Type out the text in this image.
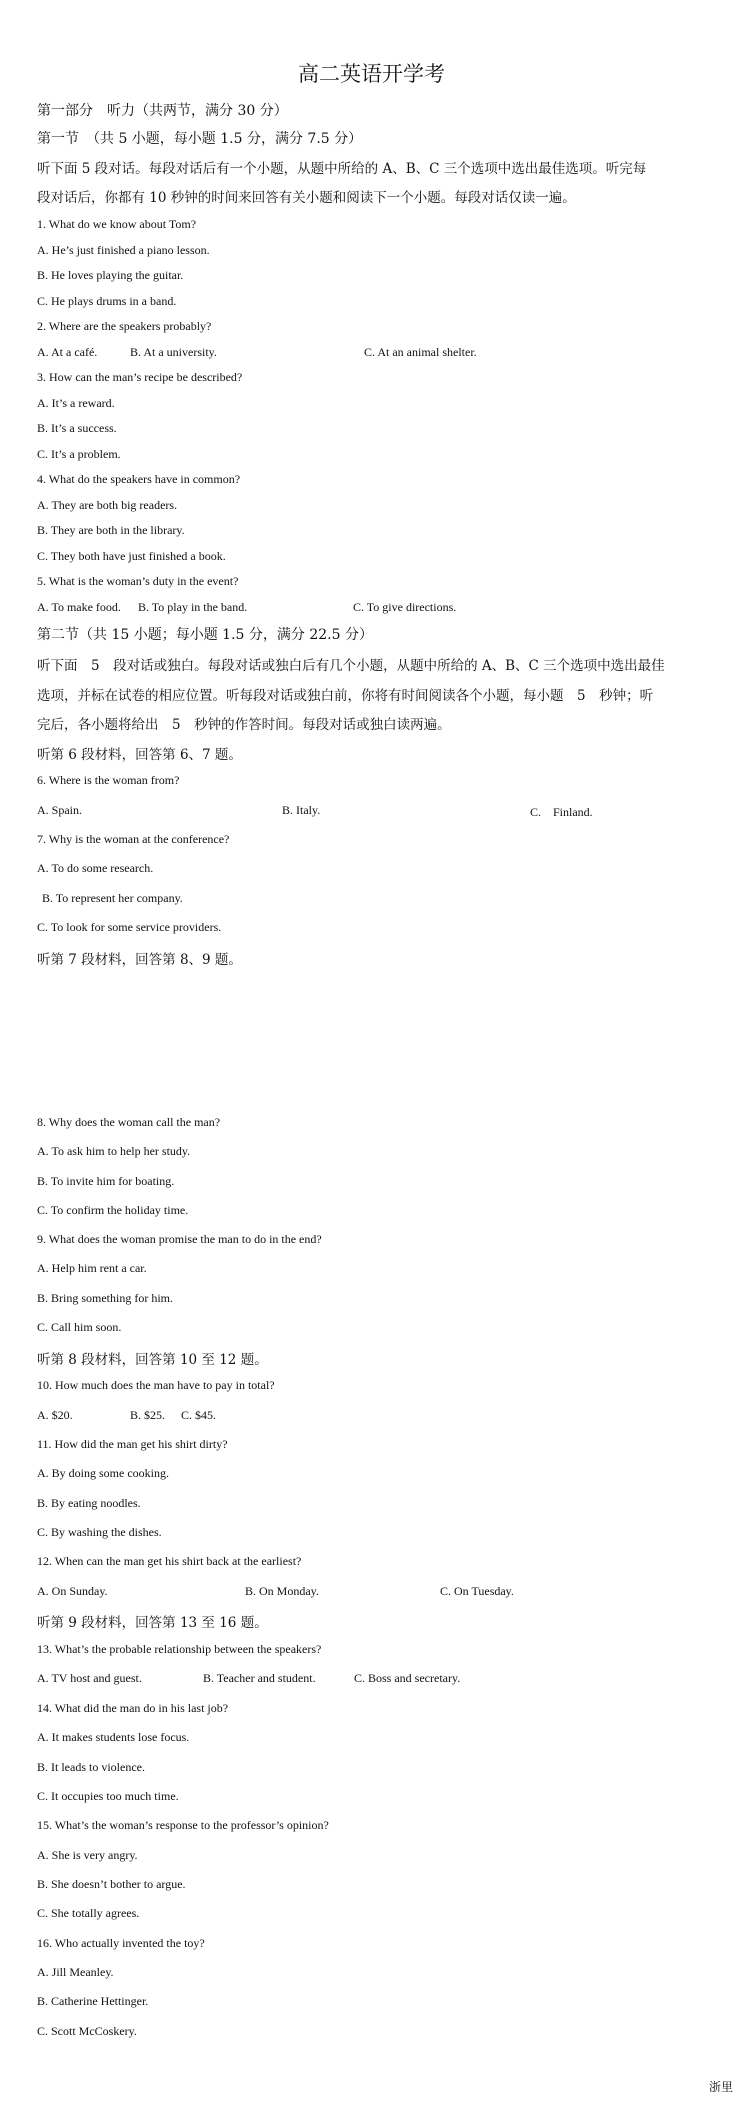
高二英语开学考
第一部分　听力（共两节，满分 30 分）
第一节　（共 5 小题，每小题 1.5 分，满分 7.5 分）
听下面 5 段对话。每段对话后有一个小题，从题中所给的 A、B、C 三个选项中选出最佳选项。听完每
段对话后，你都有 10 秒钟的时间来回答有关小题和阅读下一个小题。每段对话仅读一遍。
1. What do we know about Tom?
A. He’s just finished a piano lesson.
B. He loves playing the guitar.
C. He plays drums in a band.
2. Where are the speakers probably?
A. At a café.	B. At a university.	C. At an animal shelter.
3. How can the man’s recipe be described?
A. It’s a reward.
B. It’s a success.
C. It’s a problem.
4. What do the speakers have in common?
A. They are both big readers.
B. They are both in the library.
C. They both have just finished a book.
5. What is the woman’s duty in the event?
A. To make food. B. To play in the band.	C. To give directions.
第二节（共 15 小题；每小题 1.5 分，满分 22.5 分）
听下面　5　段对话或独白。每段对话或独白后有几个小题，从题中所给的 A、B、C 三个选项中选出最佳
选项，并标在试卷的相应位置。听每段对话或独白前，你将有时间阅读各个小题，每小题　5　秒钟；听
完后，各小题将给出　5　秒钟的作答时间。每段对话或独白读两遍。
听第 6 段材料，回答第 6、7 题。
6. Where is the woman from?
A. Spain.	B. Italy.	C.　Finland.
7. Why is the woman at the conference?
A. To do some research.
B. To represent her company.
C. To look for some service providers.
听第 7 段材料，回答第 8、9 题。
8. Why does the woman call the man?
A. To ask him to help her study.
B. To invite him for boating.
C. To confirm the holiday time.
9. What does the woman promise the man to do in the end?
A. Help him rent a car.
B. Bring something for him.
C. Call him soon.
听第 8 段材料，回答第 10 至 12 题。
10. How much does the man have to pay in total?
A. $20.	B. $25. C. $45.
11. How did the man get his shirt dirty?
A. By doing some cooking.
B. By eating noodles.
C. By washing the dishes.
12. When can the man get his shirt back at the earliest?
A. On Sunday.	B. On Monday.	C. On Tuesday.
听第 9 段材料，回答第 13 至 16 题。
13. What’s the probable relationship between the speakers?
A. TV host and guest.	B. Teacher and student.	C. Boss and secretary.
14. What did the man do in his last job?
A. It makes students lose focus.
B. It leads to violence.
C. It occupies too much time.
15. What’s the woman’s response to the professor’s opinion?
A. She is very angry.
B. She doesn’t bother to argue.
C. She totally agrees.
16. Who actually invented the toy?
A. Jill Meanley.
B. Catherine Hettinger.
C. Scott McCoskery.
浙里
